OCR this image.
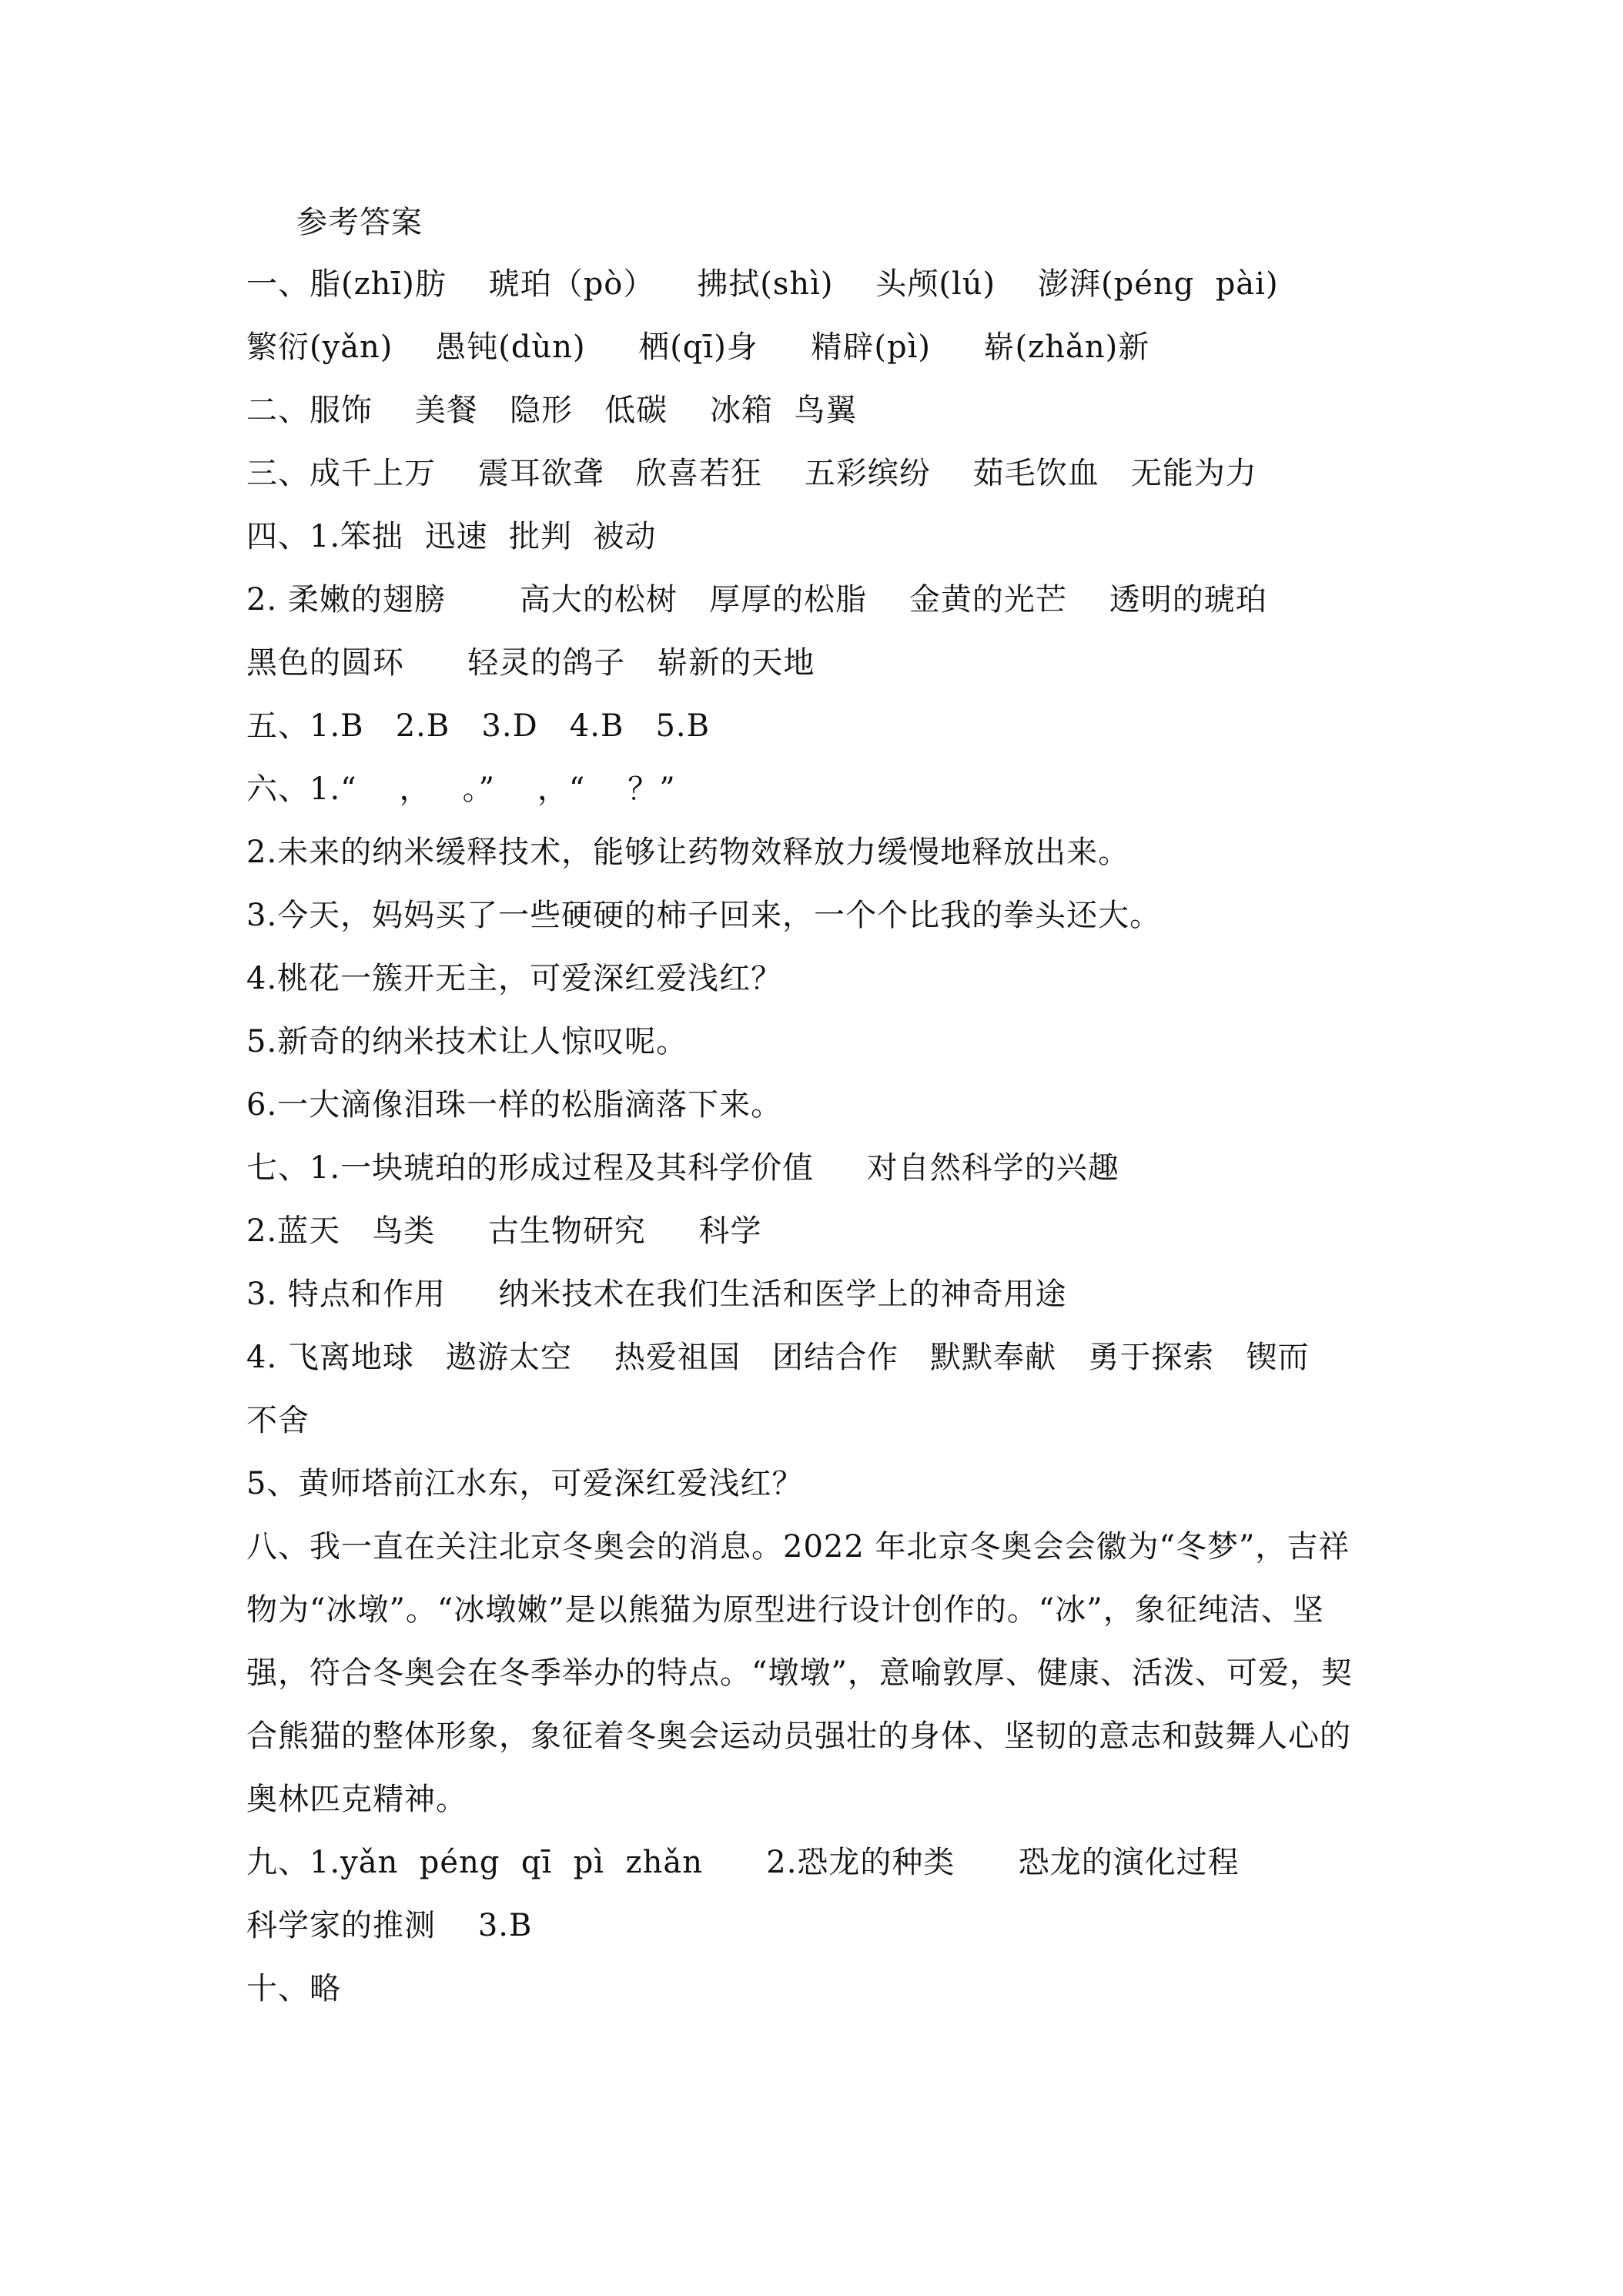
参考答案
一、脂(zhī)肪    琥珀（pò）    拂拭(shì)    头颅(lú)    澎湃(péng  pài)
繁衍(yǎn)    愚钝(dùn)     栖(qī)身     精辟(pì)     崭(zhǎn)新
二、服饰    美餐   隐形   低碳    冰箱  鸟翼
三、成千上万    震耳欲聋   欣喜若狂    五彩缤纷    茹毛饮血   无能为力
四、1.笨拙  迅速  批判  被动
2. 柔嫩的翅膀       高大的松树   厚厚的松脂    金黄的光芒    透明的琥珀
黑色的圆环      轻灵的鸽子   崭新的天地
五、1.B   2.B   3.D   4.B   5.B
六、1.“    ，   。”    ，“    ？”
2.未来的纳米缓释技术，能够让药物效释放力缓慢地释放出来。
3.今天，妈妈买了一些硬硬的柿子回来，一个个比我的拳头还大。
4.桃花一簇开无主，可爱深红爱浅红？
5.新奇的纳米技术让人惊叹呢。
6.一大滴像泪珠一样的松脂滴落下来。
七、1.一块琥珀的形成过程及其科学价值     对自然科学的兴趣
2.蓝天   鸟类     古生物研究     科学
3. 特点和作用     纳米技术在我们生活和医学上的神奇用途
4. 飞离地球   遨游太空    热爱祖国   团结合作   默默奉献   勇于探索   锲而
不舍
5、黄师塔前江水东，可爱深红爱浅红？
八、我一直在关注北京冬奥会的消息。2022 年北京冬奥会会徽为“冬梦”，吉祥
物为“冰墩”。“冰墩嫩”是以熊猫为原型进行设计创作的。“冰”，象征纯洁、坚
强，符合冬奥会在冬季举办的特点。“墩墩”，意喻敦厚、健康、活泼、可爱，契
合熊猫的整体形象，象征着冬奥会运动员强壮的身体、坚韧的意志和鼓舞人心的
奥林匹克精神。
九、1.yǎn  péng  qī  pì  zhǎn      2.恐龙的种类      恐龙的演化过程
科学家的推测    3.B
十、略
